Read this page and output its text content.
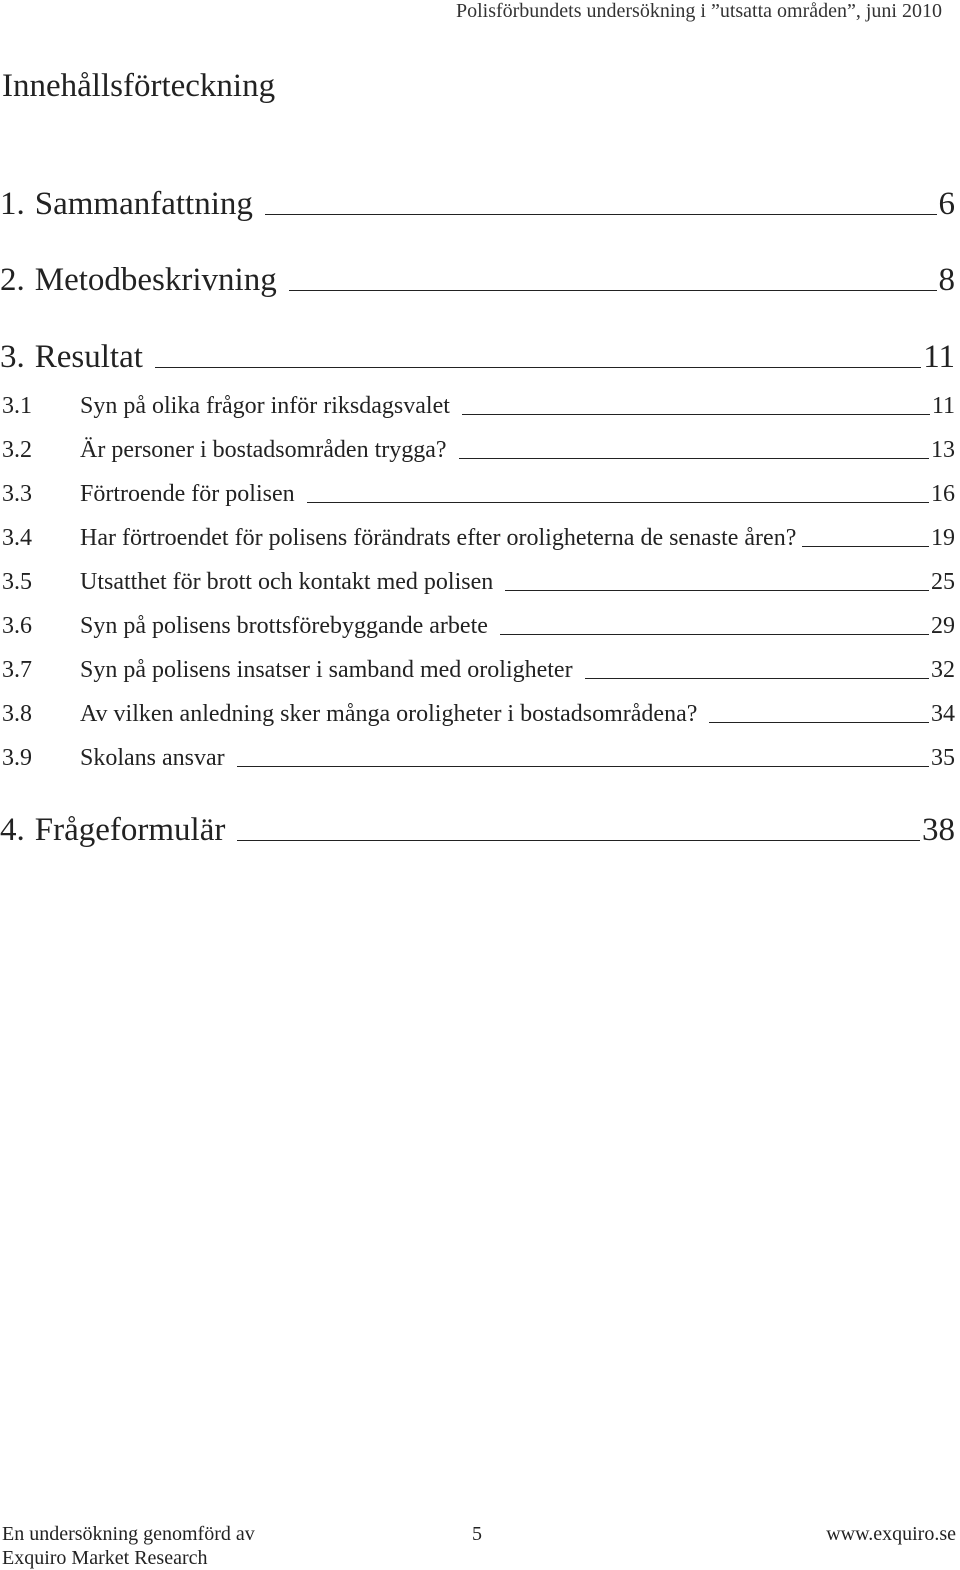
Polisförbundets undersökning i ”utsatta områden”, juni 2010
Innehållsförteckning
1. Sammanfattning	6
2. Metodbeskrivning	8
3. Resultat	11
3.1	Syn på olika frågor inför riksdagsvalet	11
3.2	Är personer i bostadsområden trygga?	13
3.3	Förtroende för polisen	16
3.4	Har förtroendet för polisens förändrats efter oroligheterna de senaste åren?	19
3.5	Utsatthet för brott och kontakt med polisen	25
3.6	Syn på polisens brottsförebyggande arbete	29
3.7	Syn på polisens insatser i samband med oroligheter	32
3.8	Av vilken anledning sker många oroligheter i bostadsområdena?	34
3.9	Skolans ansvar	35
4. Frågeformulär	38
En undersökning genomförd av
Exquiro Market Research
5	www.exquiro.se
